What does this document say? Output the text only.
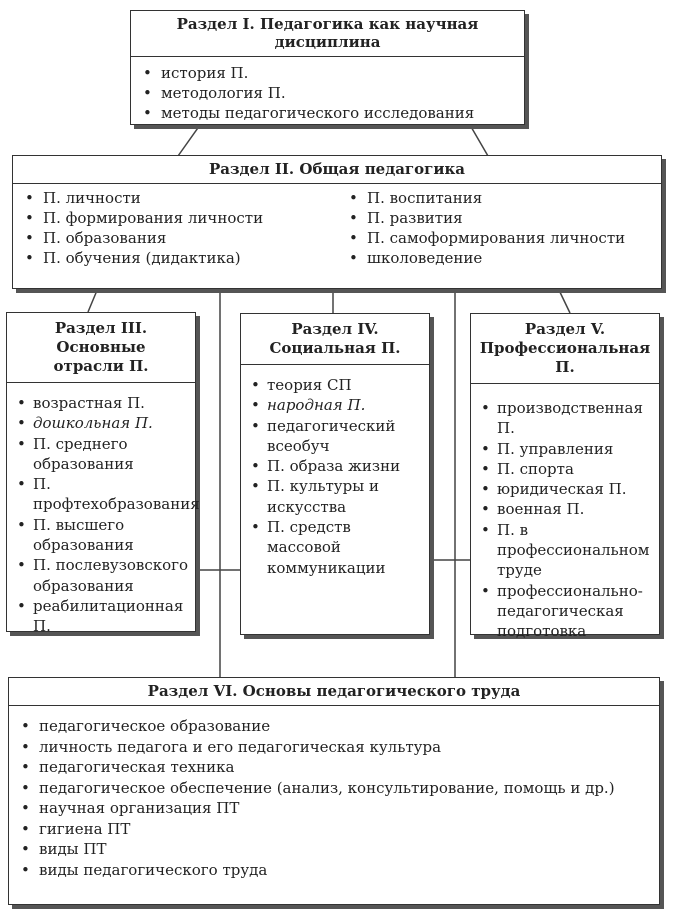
Раздел I. Педагогика как научная дисциплина
• история П.
• методология П.
• методы педагогического исследования
Раздел II. Общая педагогика
• П. личности
• П. формирования личности
• П. образования
• П. обучения (дидактика)
• П. воспитания
• П. развития
• П. самоформирования личности
• школоведение
Раздел III. Основные
отрасли П.
• возрастная П.
• дошкольная П.
• П. среднего образования
• П. профтехобразования
• П. высшего образования
• П. послевузовского образования
• реабилитационная П.
Раздел IV.
Социальная П.
• теория СП
• народная П.
• педагогический всеобуч
• П. образа жизни
• П. культуры и искусства
• П. средств массовой коммуникации
Раздел V.
Профессиональная П.
• производственная П.
• П. управления
• П. спорта
• юридическая П.
• военная П.
• П. в профессиональном труде
• профессионально-педагогическая подготовка
Раздел VI. Основы педагогического труда
• педагогическое образование
• личность педагога и его педагогическая культура
• педагогическая техника
• педагогическое обеспечение (анализ, консультирование, помощь и др.)
• научная организация ПТ
• гигиена ПТ
• виды ПТ
• виды педагогического труда
